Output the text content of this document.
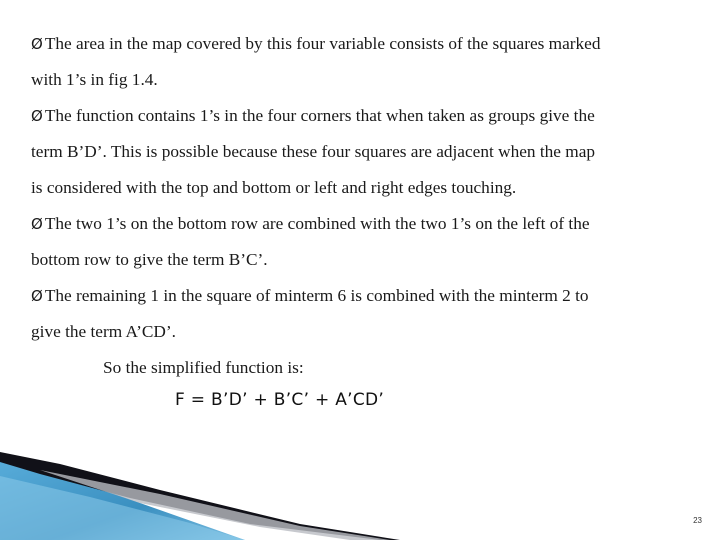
Ø The area in the map covered by this four variable consists of the squares marked
with 1’s in fig 1.4.
Ø The function contains 1’s in the four corners that when taken as groups give the
term B’D’. This is possible because these four squares are adjacent when the map
is considered with the top and bottom or left and right edges touching.
Ø The two 1’s on the bottom row are combined with the two 1’s on the left of the
bottom row to give the term B’C’.
Ø The remaining 1 in the square of minterm 6 is combined with the minterm 2 to
give the term A’CD’.
So the simplified function is:
F = B’D’ + B’C’ + A’CD’
23
